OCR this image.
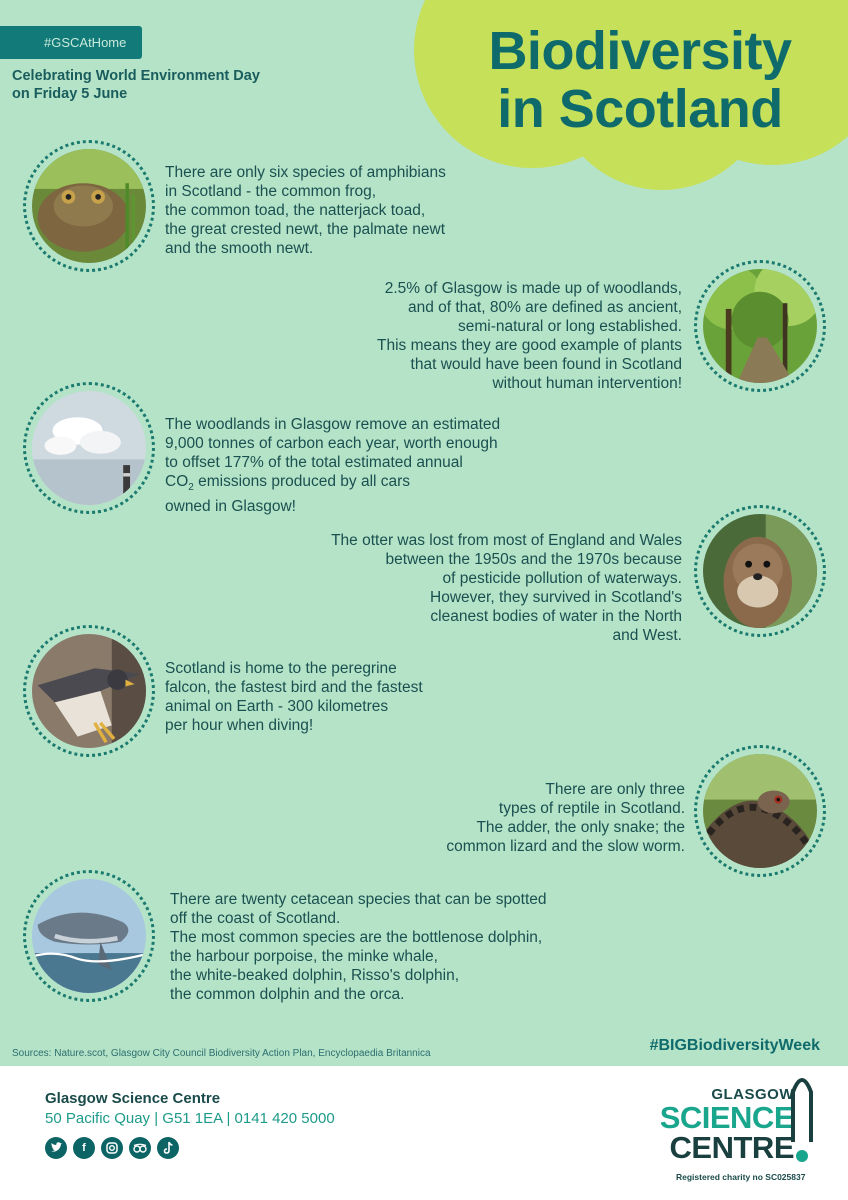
Biodiversity
in Scotland
#GSCAtHome
Celebrating World Environment Day
on Friday 5 June
There are only six species of amphibians
in Scotland - the common frog,
the common toad, the natterjack toad,
the great crested newt, the palmate newt
and the smooth newt.
2.5% of Glasgow is made up of woodlands,
and of that, 80% are defined as ancient,
semi-natural or long established.
This means they are good example of plants
that would have been found in Scotland
without human intervention!
The woodlands in Glasgow remove an estimated
9,000 tonnes of carbon each year, worth enough
to offset 177% of the total estimated annual
$CO_2$ emissions produced by all cars
owned in Glasgow!
The otter was lost from most of England and Wales
between the 1950s and the 1970s because
of pesticide pollution of waterways.
However, they survived in Scotland's
cleanest bodies of water in the North
and West.
Scotland is home to the peregrine
falcon, the fastest bird and the fastest
animal on Earth - 300 kilometres
per hour when diving!
There are only three
types of reptile in Scotland.
The adder, the only snake; the
common lizard and the slow worm.
There are twenty cetacean species that can be spotted
off the coast of Scotland.
The most common species are the bottlenose dolphin,
the harbour porpoise, the minke whale,
the white-beaked dolphin, Risso's dolphin,
the common dolphin and the orca.
Sources: Nature.scot, Glasgow City Council Biodiversity Action Plan, Encyclopaedia Britannica	#BIGBiodiversityWeek
Glasgow Science Centre
50 Pacific Quay | G51 1EA | 0141 420 5000
f
GLASGOW
SCIENCE
CENTRE
Registered charity no SC025837
